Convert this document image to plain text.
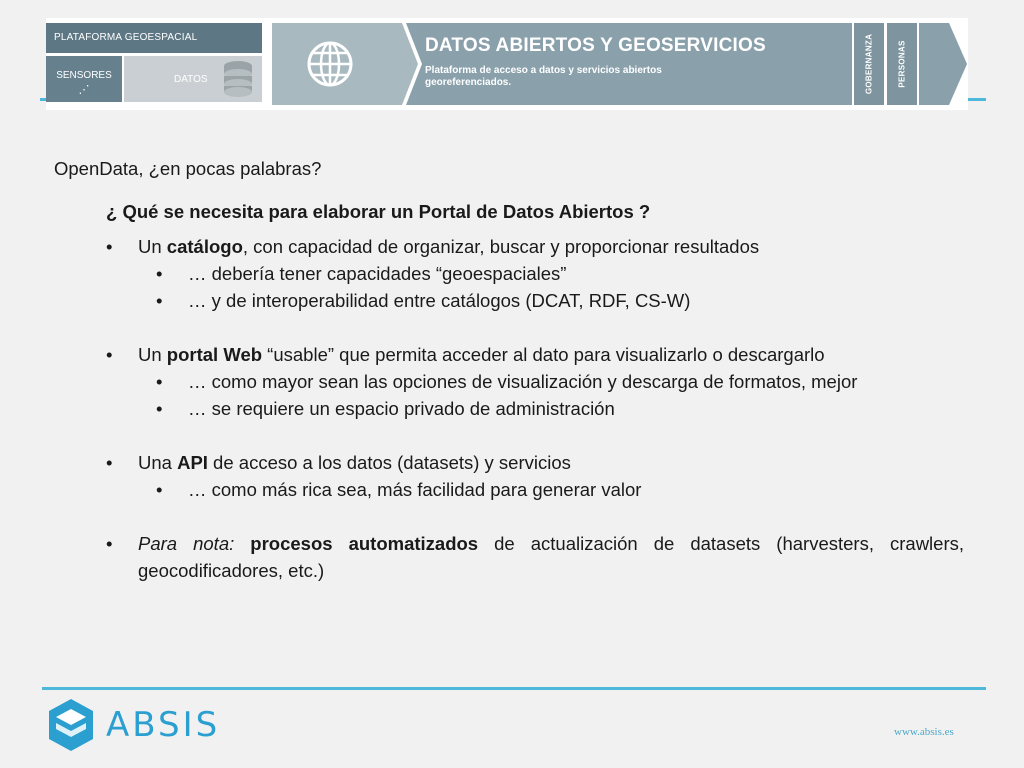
PLATAFORMA GEOESPACIAL
SENSORES
⋰
DATOS
DATOS ABIERTOS Y GEOSERVICIOS
Plataforma de acceso a datos y servicios abiertos georeferenciados.	GOBERNANZA	PERSONAS

OpenData, ¿en pocas palabras?

¿ Qué se necesita para elaborar un Portal de Datos Abiertos ?

• Un catálogo, con capacidad de organizar, buscar y proporcionar resultados
• … debería tener capacidades “geoespaciales”
• … y de interoperabilidad entre catálogos (DCAT, RDF, CS-W)
• Un portal Web “usable” que permita acceder al dato para visualizarlo o descargarlo
• … como mayor sean las opciones de visualización y descarga de formatos, mejor
• … se requiere un espacio privado de administración
• Una API de acceso a los datos (datasets) y servicios
• … como más rica sea, más facilidad para generar valor
• Para nota: procesos automatizados de actualización de datasets (harvesters, crawlers, geocodificadores, etc.)
ABSIS	www.absis.es
